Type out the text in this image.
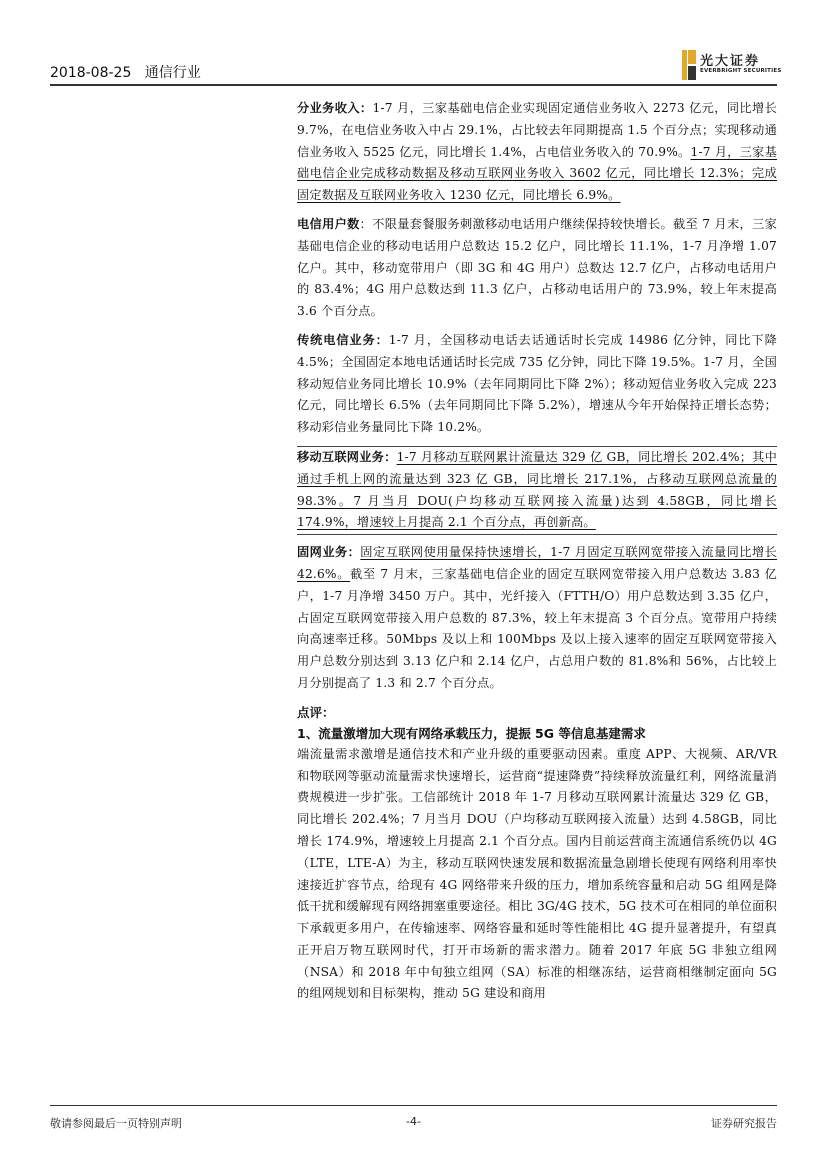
2018-08-25 通信行业
光大证券
EVERBRIGHT SECURITIES

分业务收入：1-7 月，三家基础电信企业实现固定通信业务收入 2273 亿元，同比增长 9.7%，在电信业务收入中占 29.1%，占比较去年同期提高 1.5 个百分点；实现移动通信业务收入 5525 亿元，同比增长 1.4%，占电信业务收入的 70.9%。1-7 月，三家基础电信企业完成移动数据及移动互联网业务收入 3602 亿元，同比增长 12.3%；完成固定数据及互联网业务收入 1230 亿元，同比增长 6.9%。

电信用户数：不限量套餐服务刺激移动电话用户继续保持较快增长。截至 7 月末，三家基础电信企业的移动电话用户总数达 15.2 亿户，同比增长 11.1%，1-7 月净增 1.07 亿户。其中，移动宽带用户（即 3G 和 4G 用户）总数达 12.7 亿户，占移动电话用户的 83.4%；4G 用户总数达到 11.3 亿户，占移动电话用户的 73.9%，较上年末提高 3.6 个百分点。

传统电信业务：1-7 月，全国移动电话去话通话时长完成 14986 亿分钟，同比下降 4.5%；全国固定本地电话通话时长完成 735 亿分钟，同比下降 19.5%。1-7 月，全国移动短信业务同比增长 10.9%（去年同期同比下降 2%）；移动短信业务收入完成 223 亿元，同比增长 6.5%（去年同期同比下降 5.2%），增速从今年开始保持正增长态势；移动彩信业务量同比下降 10.2%。

移动互联网业务：1-7 月移动互联网累计流量达 329 亿 GB，同比增长 202.4%；其中通过手机上网的流量达到 323 亿 GB，同比增长 217.1%，占移动互联网总流量的 98.3%。7 月当月 DOU(户均移动互联网接入流量)达到 4.58GB，同比增长 174.9%，增速较上月提高 2.1 个百分点，再创新高。

固网业务：固定互联网使用量保持快速增长，1-7 月固定互联网宽带接入流量同比增长 42.6%。截至 7 月末，三家基础电信企业的固定互联网宽带接入用户总数达 3.83 亿户，1-7 月净增 3450 万户。其中，光纤接入（FTTH/O）用户总数达到 3.35 亿户，占固定互联网宽带接入用户总数的 87.3%，较上年末提高 3 个百分点。宽带用户持续向高速率迁移。50Mbps 及以上和 100Mbps 及以上接入速率的固定互联网宽带接入用户总数分别达到 3.13 亿户和 2.14 亿户，占总用户数的 81.8%和 56%，占比较上月分别提高了 1.3 和 2.7 个百分点。

点评：

1、流量激增加大现有网络承载压力，提振 5G 等信息基建需求

端流量需求激增是通信技术和产业升级的重要驱动因素。重度 APP、大视频、AR/VR 和物联网等驱动流量需求快速增长，运营商“提速降费”持续释放流量红利，网络流量消费规模进一步扩张。工信部统计 2018 年 1-7 月移动互联网累计流量达 329 亿 GB，同比增长 202.4%；7 月当月 DOU（户均移动互联网接入流量）达到 4.58GB，同比增长 174.9%，增速较上月提高 2.1 个百分点。国内目前运营商主流通信系统仍以 4G（LTE，LTE-A）为主，移动互联网快速发展和数据流量急剧增长使现有网络利用率快速接近扩容节点，给现有 4G 网络带来升级的压力，增加系统容量和启动 5G 组网是降低干扰和缓解现有网络拥塞重要途径。相比 3G/4G 技术，5G 技术可在相同的单位面积下承载更多用户，在传输速率、网络容量和延时等性能相比 4G 提升显著提升，有望真正开启万物互联网时代，打开市场新的需求潜力。随着 2017 年底 5G 非独立组网（NSA）和 2018 年中旬独立组网（SA）标准的相继冻结，运营商相继制定面向 5G 的组网规划和目标架构，推动 5G 建设和商用

敬请参阅最后一页特别声明	-4-	证券研究报告
